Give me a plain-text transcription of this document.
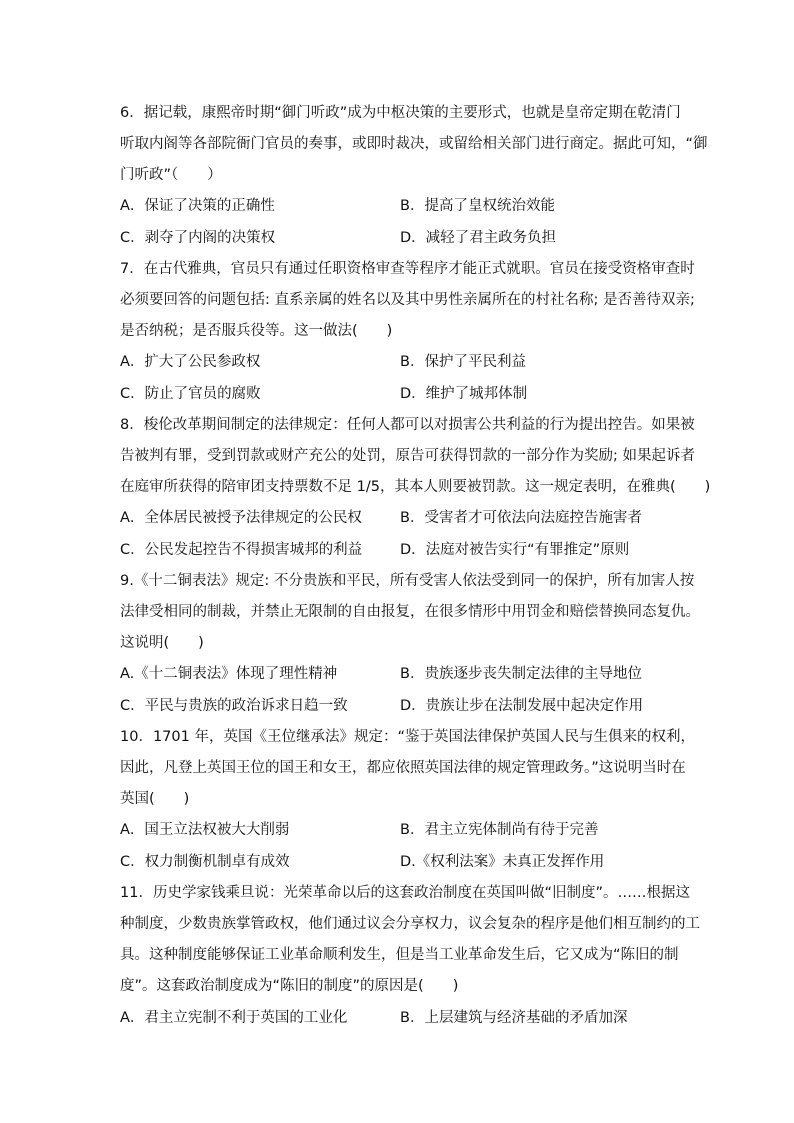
6．据记载，康熙帝时期“御门听政”成为中枢决策的主要形式，也就是皇帝定期在乾清门
听取内阁等各部院衙门官员的奏事，或即时裁决，或留给相关部门进行商定。据此可知，“御
门听政”（　　）
A．保证了决策的正确性	B．提高了皇权统治效能
C．剥夺了内阁的决策权	D．减轻了君主政务负担
7．在古代雅典，官员只有通过任职资格审查等程序才能正式就职。官员在接受资格审查时
必须要回答的问题包括: 直系亲属的姓名以及其中男性亲属所在的村社名称; 是否善待双亲;
是否纳税；是否服兵役等。这一做法(　　)
A．扩大了公民参政权	B．保护了平民利益
C．防止了官员的腐败	D．维护了城邦体制
8．梭伦改革期间制定的法律规定：任何人都可以对损害公共利益的行为提出控告。如果被
告被判有罪，受到罚款或财产充公的处罚，原告可获得罚款的一部分作为奖励; 如果起诉者
在庭审所获得的陪审团支持票数不足 1/5，其本人则要被罚款。这一规定表明，在雅典(　　)
A．全体居民被授予法律规定的公民权	B．受害者才可依法向法庭控告施害者
C．公民发起控告不得损害城邦的利益	D．法庭对被告实行“有罪推定”原则
9.《十二铜表法》规定: 不分贵族和平民，所有受害人依法受到同一的保护，所有加害人按
法律受相同的制裁，并禁止无限制的自由报复，在很多情形中用罚金和赔偿替换同态复仇。
这说明(　　)
A.《十二铜表法》体现了理性精神	B．贵族逐步丧失制定法律的主导地位
C．平民与贵族的政治诉求日趋一致	D．贵族让步在法制发展中起决定作用
10．1701 年，英国《王位继承法》规定：“鉴于英国法律保护英国人民与生俱来的权利，
因此，凡登上英国王位的国王和女王，都应依照英国法律的规定管理政务。”这说明当时在
英国(　　)
A．国王立法权被大大削弱	B．君主立宪体制尚有待于完善
C．权力制衡机制卓有成效	D.《权利法案》未真正发挥作用
11．历史学家钱乘旦说：光荣革命以后的这套政治制度在英国叫做“旧制度”。……根据这
种制度，少数贵族掌管政权，他们通过议会分享权力，议会复杂的程序是他们相互制约的工
具。这种制度能够保证工业革命顺利发生，但是当工业革命发生后，它又成为“陈旧的制
度”。这套政治制度成为“陈旧的制度”的原因是(　　)
A．君主立宪制不利于英国的工业化	B．上层建筑与经济基础的矛盾加深
